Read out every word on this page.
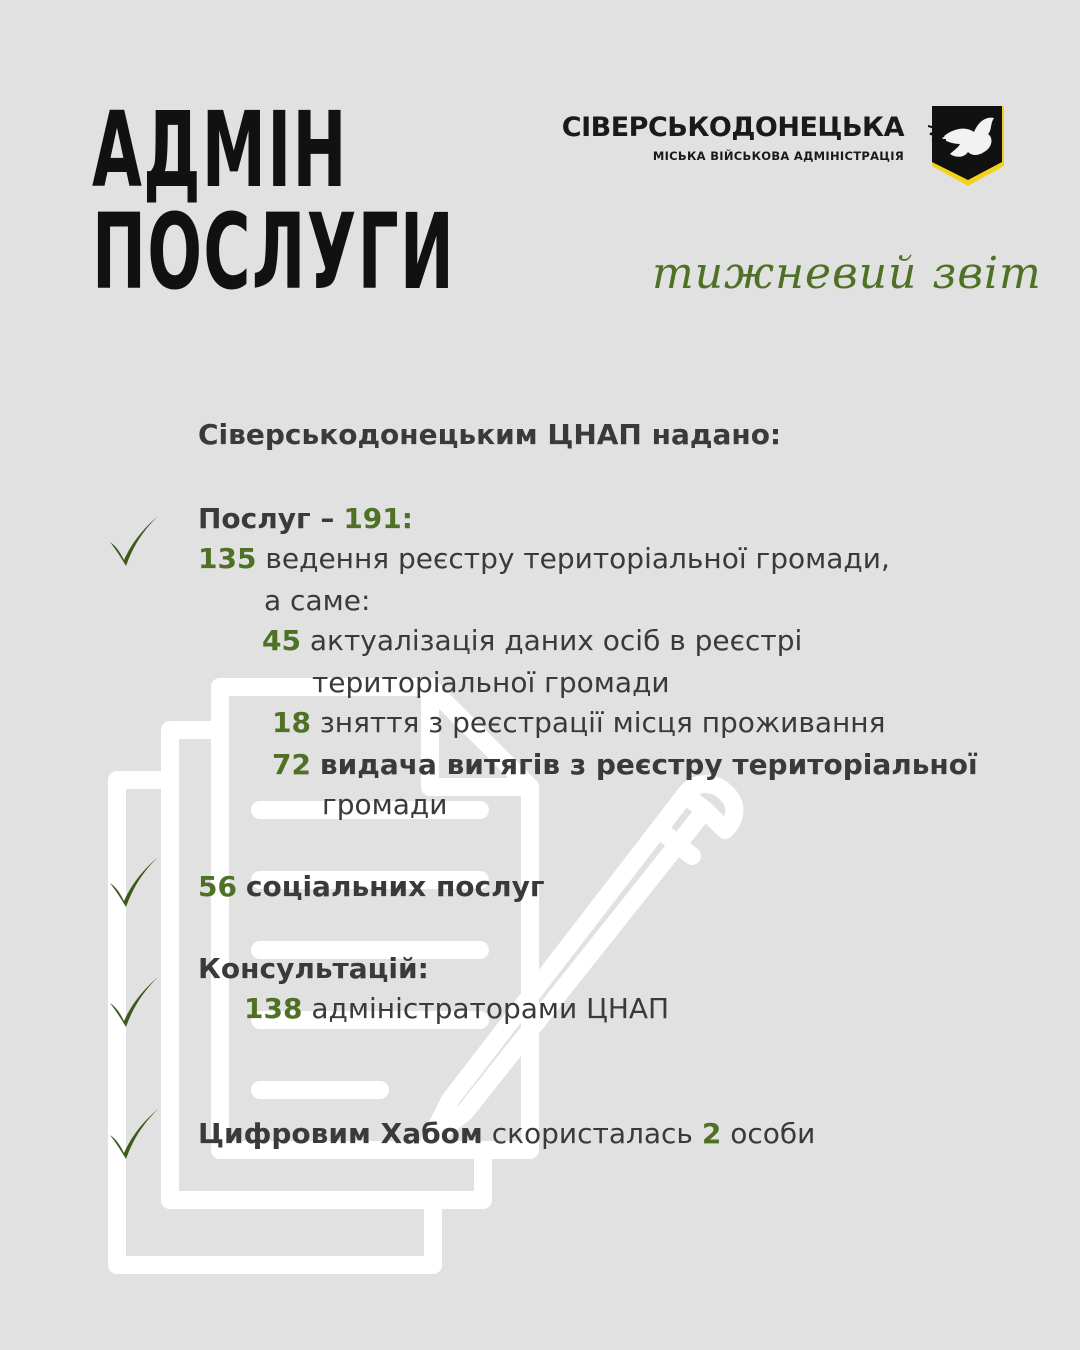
АДМІН
ПОСЛУГИ
СІВЕРСЬКОДОНЕЦЬКА
МІСЬКА ВІЙСЬКОВА АДМІНІСТРАЦІЯ
тижневий звіт
Сіверськодонецьким ЦНАП надано:
Послуг – 191:
135 ведення реєстру територіальної громади,
а саме:
45 актуалізація даних осіб в реєстрі
територіальної громади
18 зняття з реєстрації місця проживання
72 видача витягів з реєстру територіальної
громади
56 соціальних послуг
Консультацій:
138 адміністраторами ЦНАП
Цифровим Хабом скористалась 2 особи
